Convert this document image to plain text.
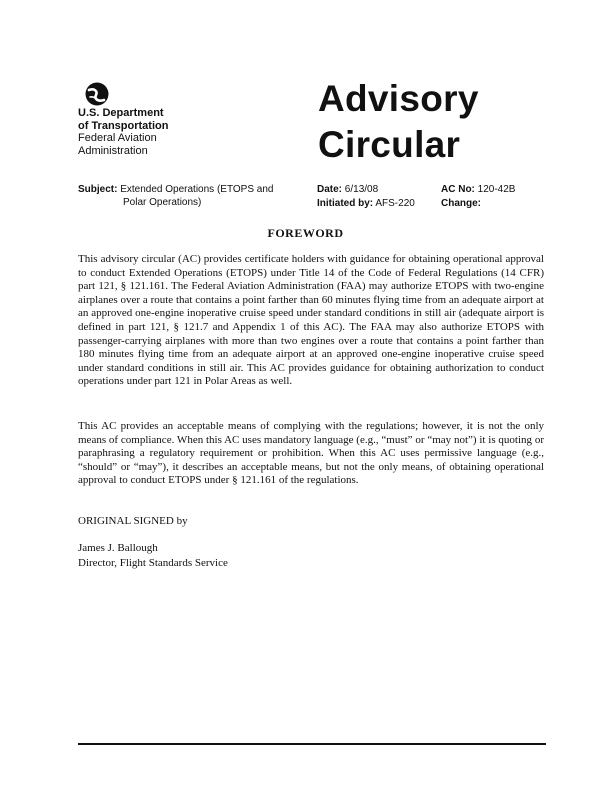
U.S. Department
of Transportation
Federal Aviation
Administration
Advisory
Circular
Subject: Extended Operations (ETOPS and
Polar Operations)
Date: 6/13/08
Initiated by: AFS-220
AC No: 120-42B
Change:
FOREWORD
This advisory circular (AC) provides certificate holders with guidance for obtaining operational approval to conduct Extended Operations (ETOPS) under Title 14 of the Code of Federal Regulations (14 CFR) part 121, § 121.161. The Federal Aviation Administration (FAA) may authorize ETOPS with two-engine airplanes over a route that contains a point farther than 60 minutes flying time from an adequate airport at an approved one-engine inoperative cruise speed under standard conditions in still air (adequate airport is defined in part 121, § 121.7 and Appendix 1 of this AC). The FAA may also authorize ETOPS with passenger-carrying airplanes with more than two engines over a route that contains a point farther than 180 minutes flying time from an adequate airport at an approved one-engine inoperative cruise speed under standard conditions in still air. This AC provides guidance for obtaining authorization to conduct operations under part 121 in Polar Areas as well.
This AC provides an acceptable means of complying with the regulations; however, it is not the only means of compliance. When this AC uses mandatory language (e.g., “must” or “may not”) it is quoting or paraphrasing a regulatory requirement or prohibition. When this AC uses permissive language (e.g., “should” or “may”), it describes an acceptable means, but not the only means, of obtaining operational approval to conduct ETOPS under § 121.161 of the regulations.
ORIGINAL SIGNED by
James J. Ballough
Director, Flight Standards Service
